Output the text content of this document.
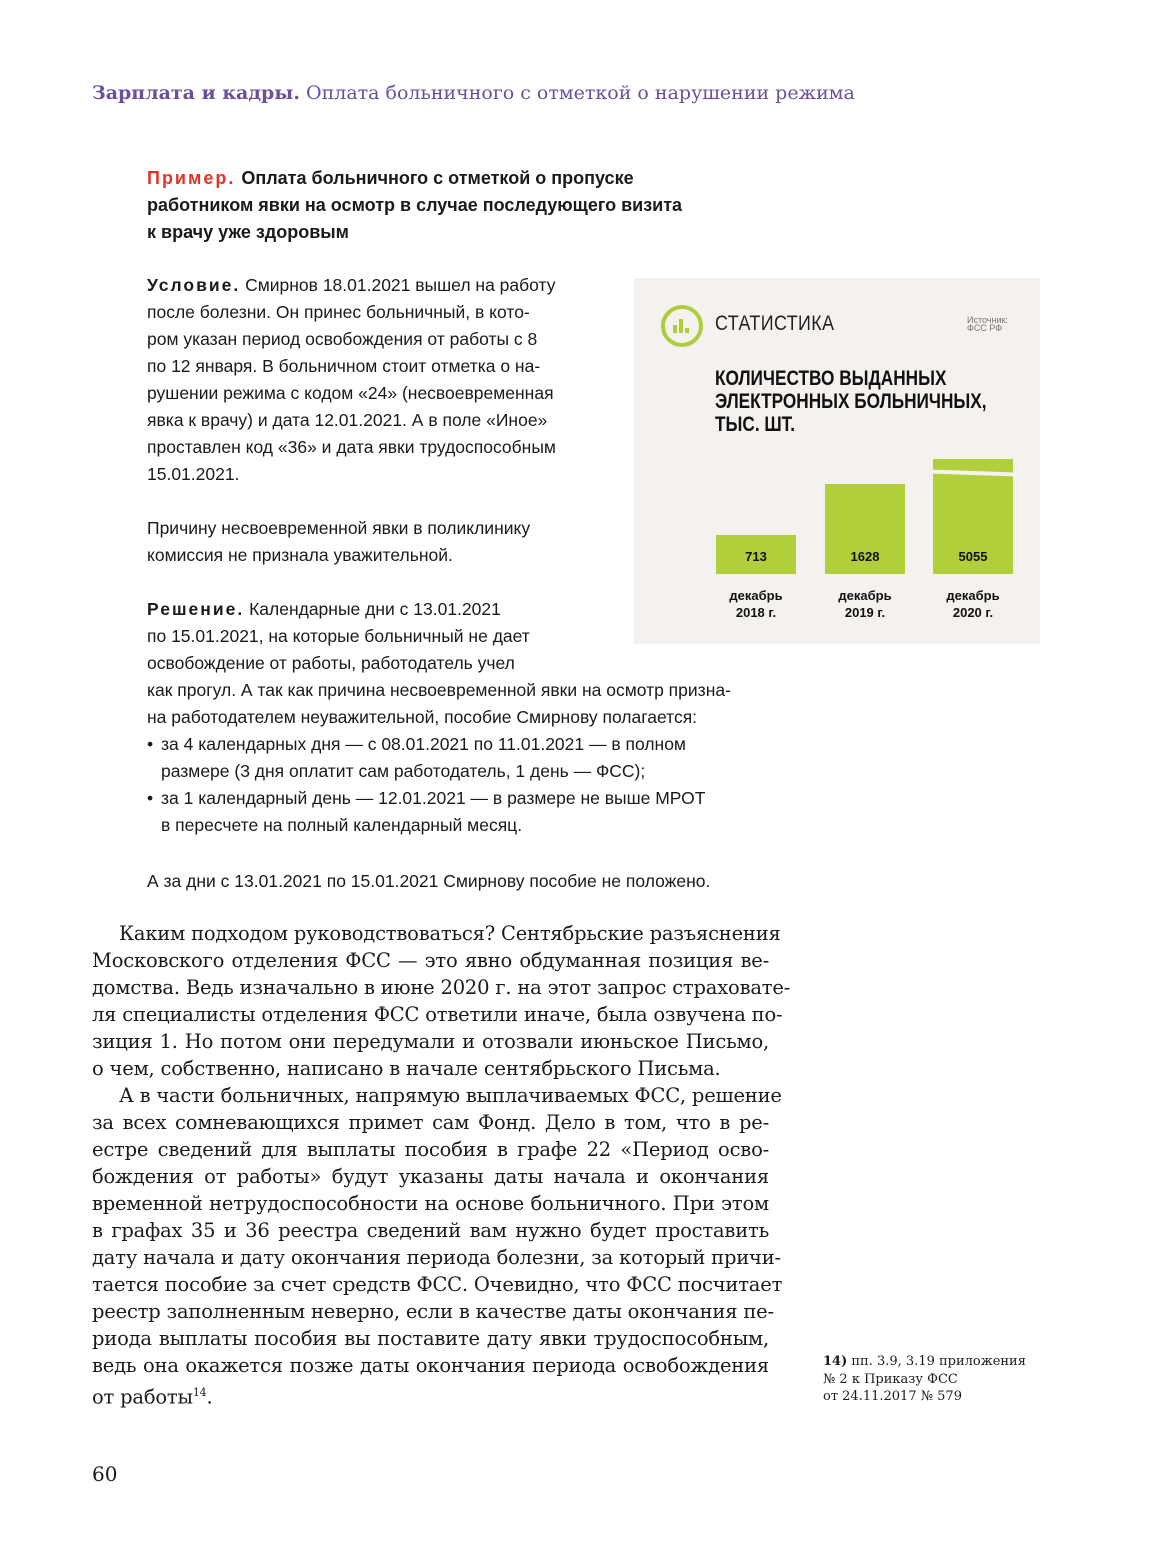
Зарплата и кадры. Оплата больничного с отметкой о нарушении режима
Пример. Оплата больничного с отметкой о пропуске
работником явки на осмотр в случае последующего визита
к врачу уже здоровым
Условие. Смирнов 18.01.2021 вышел на работу
после болезни. Он принес больничный, в кото-
ром указан период освобождения от работы с 8
по 12 января. В больничном стоит отметка о на-
рушении режима с кодом «24» (несвоевременная
явка к врачу) и дата 12.01.2021. А в поле «Иное»
проставлен код «36» и дата явки трудоспособным
15.01.2021.
Причину несвоевременной явки в поликлинику
комиссия не признала уважительной.
Решение. Календарные дни с 13.01.2021
по 15.01.2021, на которые больничный не дает
освобождение от работы, работодатель учел
как прогул. А так как причина несвоевременной явки на осмотр призна-
на работодателем неуважительной, пособие Смирнову полагается:
• за 4 календарных дня — с 08.01.2021 по 11.01.2021 — в полном
размере (3 дня оплатит сам работодатель, 1 день — ФСС);
• за 1 календарный день — 12.01.2021 — в размере не выше МРОТ
в пересчете на полный календарный месяц.
А за дни с 13.01.2021 по 15.01.2021 Смирнову пособие не положено.
СТАТИСТИКА	Источник:
ФСС РФ
КОЛИЧЕСТВО ВЫДАННЫХ
ЭЛЕКТРОННЫХ БОЛЬНИЧНЫХ,
ТЫС. ШТ.
713
декабрь
2018 г.
1628
декабрь
2019 г.
5055
декабрь
2020 г.
Каким подходом руководствоваться? Сентябрьские разъяснения
Московского отделения ФСС — это явно обдуманная позиция ве-
домства. Ведь изначально в июне 2020 г. на этот запрос страховате-
ля специалисты отделения ФСС ответили иначе, была озвучена по-
зиция 1. Но потом они передумали и отозвали июньское Письмо,
о чем, собственно, написано в начале сентябрьского Письма.
А в части больничных, напрямую выплачиваемых ФСС, решение
за всех сомневающихся примет сам Фонд. Дело в том, что в ре-
естре сведений для выплаты пособия в графе 22 «Период осво-
бождения от работы» будут указаны даты начала и окончания
временной нетрудоспособности на основе больничного. При этом
в графах 35 и 36 реестра сведений вам нужно будет проставить
дату начала и дату окончания периода болезни, за который причи-
тается пособие за счет средств ФСС. Очевидно, что ФСС посчитает
реестр заполненным неверно, если в качестве даты окончания пе-
риода выплаты пособия вы поставите дату явки трудоспособным,
ведь она окажется позже даты окончания периода освобождения
от работы$^{14}$.
14) пп. 3.9, 3.19 приложения
№ 2 к Приказу ФСС
от 24.11.2017 № 579
60
